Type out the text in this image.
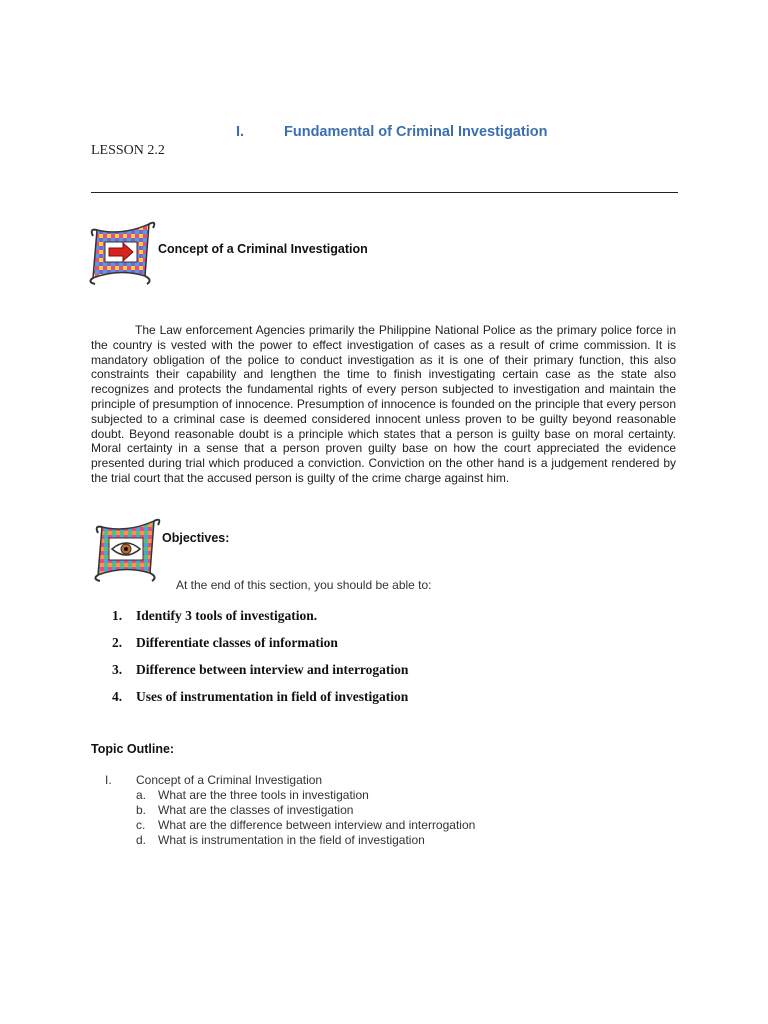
I.	Fundamental of Criminal Investigation
LESSON 2.2
Concept of a Criminal Investigation

The Law enforcement Agencies primarily the Philippine National Police as the primary police force in the country is vested with the power to effect investigation of cases as a result of crime commission. It is mandatory obligation of the police to conduct investigation as it is one of their primary function, this also constraints their capability and lengthen the time to finish investigating certain case as the state also recognizes and protects the fundamental rights of every person subjected to investigation and maintain the principle of presumption of innocence. Presumption of innocence is founded on the principle that every person subjected to a criminal case is deemed considered innocent unless proven to be guilty beyond reasonable doubt. Beyond reasonable doubt is a principle which states that a person is guilty base on moral certainty. Moral certainty in a sense that a person proven guilty base on how the court appreciated the evidence presented during trial which produced a conviction. Conviction on the other hand is a judgement rendered by the trial court that the accused person is guilty of the crime charge against him.

Objectives:
At the end of this section, you should be able to:
1.	Identify 3 tools of investigation.
2.	Differentiate classes of information
3.	Difference between interview and interrogation
4.	Uses of instrumentation in field of investigation
Topic Outline:
I.	Concept of a Criminal Investigation
a. What are the three tools in investigation
b. What are the classes of investigation
c.	What are the difference between interview and interrogation
d. What is instrumentation in the field of investigation
